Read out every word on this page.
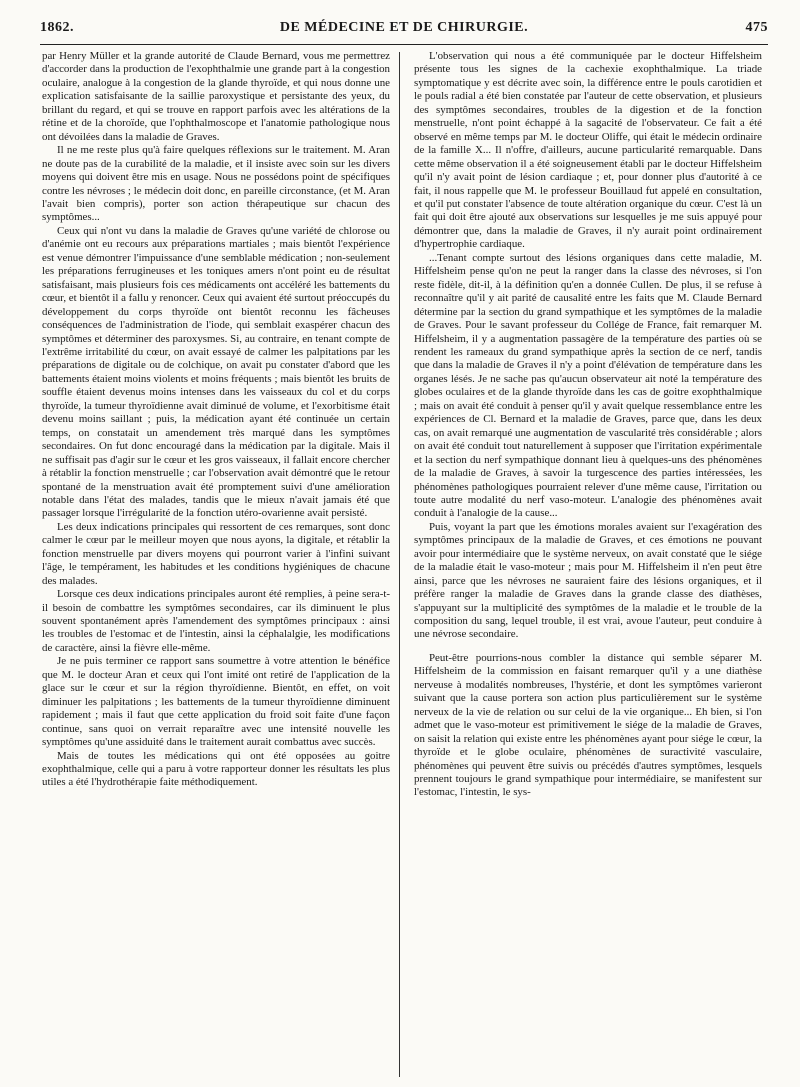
1862.	DE MÉDECINE ET DE CHIRURGIE.	475

par Henry Müller et la grande autorité de Claude Bernard, vous me permettrez d'accorder dans la production de l'exophthalmie une grande part à la congestion oculaire, analogue à la congestion de la glande thyroïde, et qui nous donne une explication satisfaisante de la saillie paroxystique et persistante des yeux, du brillant du regard, et qui se trouve en rapport parfois avec les altérations de la rétine et de la choroïde, que l'ophthalmoscope et l'anatomie pathologique nous ont dévoilées dans la maladie de Graves.

Il ne me reste plus qu'à faire quelques réflexions sur le traitement. M. Aran ne doute pas de la curabilité de la maladie, et il insiste avec soin sur les divers moyens qui doivent être mis en usage. Nous ne possédons point de spécifiques contre les névroses ; le médecin doit donc, en pareille circonstance, (et M. Aran l'avait bien compris), porter son action thérapeutique sur chacun des symptômes...

Ceux qui n'ont vu dans la maladie de Graves qu'une variété de chlorose ou d'anémie ont eu recours aux préparations martiales ; mais bientôt l'expérience est venue démontrer l'impuissance d'une semblable médication ; non-seulement les préparations ferrugineuses et les toniques amers n'ont point eu de résultat satisfaisant, mais plusieurs fois ces médicaments ont accéléré les battements du cœur, et bientôt il a fallu y renoncer. Ceux qui avaient été surtout préoccupés du développement du corps thyroïde ont bientôt reconnu les fâcheuses conséquences de l'administration de l'iode, qui semblait exaspérer chacun des symptômes et déterminer des paroxysmes. Si, au contraire, en tenant compte de l'extrême irritabilité du cœur, on avait essayé de calmer les palpitations par les préparations de digitale ou de colchique, on avait pu constater d'abord que les battements étaient moins violents et moins fréquents ; mais bientôt les bruits de souffle étaient devenus moins intenses dans les vaisseaux du col et du corps thyroïde, la tumeur thyroïdienne avait diminué de volume, et l'exorbitisme était devenu moins saillant ; puis, la médication ayant été continuée un certain temps, on constatait un amendement très marqué dans les symptômes secondaires. On fut donc encouragé dans la médication par la digitale. Mais il ne suffisait pas d'agir sur le cœur et les gros vaisseaux, il fallait encore chercher à rétablir la fonction menstruelle ; car l'observation avait démontré que le retour spontané de la menstruation avait été promptement suivi d'une amélioration notable dans l'état des malades, tandis que le mieux n'avait jamais été que passager lorsque l'irrégularité de la fonction utéro-ovarienne avait persisté.

Les deux indications principales qui ressortent de ces remarques, sont donc calmer le cœur par le meilleur moyen que nous ayons, la digitale, et rétablir la fonction menstruelle par divers moyens qui pourront varier à l'infini suivant l'âge, le tempérament, les habitudes et les conditions hygiéniques de chacune des malades.

Lorsque ces deux indications principales auront été remplies, à peine sera-t-il besoin de combattre les symptômes secondaires, car ils diminuent le plus souvent spontanément après l'amendement des symptômes principaux : ainsi les troubles de l'estomac et de l'intestin, ainsi la céphalalgie, les modifications de caractère, ainsi la fièvre elle-même.

Je ne puis terminer ce rapport sans soumettre à votre attention le bénéfice que M. le docteur Aran et ceux qui l'ont imité ont retiré de l'application de la glace sur le cœur et sur la région thyroïdienne. Bientôt, en effet, on voit diminuer les palpitations ; les battements de la tumeur thyroïdienne diminuent rapidement ; mais il faut que cette application du froid soit faite d'une façon continue, sans quoi on verrait reparaître avec une intensité nouvelle les symptômes qu'une assiduité dans le traitement aurait combattus avec succès.

Mais de toutes les médications qui ont été opposées au goitre exophthalmique, celle qui a paru à votre rapporteur donner les résultats les plus utiles a été l'hydrothérapie faite méthodiquement.

L'observation qui nous a été communiquée par le docteur Hiffelsheim présente tous les signes de la cachexie exophthalmique. La triade symptomatique y est décrite avec soin, la différence entre le pouls carotidien et le pouls radial a été bien constatée par l'auteur de cette observation, et plusieurs des symptômes secondaires, troubles de la digestion et de la fonction menstruelle, n'ont point échappé à la sagacité de l'observateur. Ce fait a été observé en même temps par M. le docteur Oliffe, qui était le médecin ordinaire de la famille X... Il n'offre, d'ailleurs, aucune particularité remarquable. Dans cette même observation il a été soigneusement établi par le docteur Hiffelsheim qu'il n'y avait point de lésion cardiaque ; et, pour donner plus d'autorité à ce fait, il nous rappelle que M. le professeur Bouillaud fut appelé en consultation, et qu'il put constater l'absence de toute altération organique du cœur. C'est là un fait qui doit être ajouté aux observations sur lesquelles je me suis appuyé pour démontrer que, dans la maladie de Graves, il n'y aurait point ordinairement d'hypertrophie cardiaque.

...Tenant compte surtout des lésions organiques dans cette maladie, M. Hiffelsheim pense qu'on ne peut la ranger dans la classe des névroses, si l'on reste fidèle, dit-il, à la définition qu'en a donnée Cullen. De plus, il se refuse à reconnaître qu'il y ait parité de causalité entre les faits que M. Claude Bernard détermine par la section du grand sympathique et les symptômes de la maladie de Graves. Pour le savant professeur du Collége de France, fait remarquer M. Hiffelsheim, il y a augmentation passagère de la température des parties où se rendent les rameaux du grand sympathique après la section de ce nerf, tandis que dans la maladie de Graves il n'y a point d'élévation de température dans les organes lésés. Je ne sache pas qu'aucun observateur ait noté la température des globes oculaires et de la glande thyroïde dans les cas de goitre exophthalmique ; mais on avait été conduit à penser qu'il y avait quelque ressemblance entre les expériences de Cl. Bernard et la maladie de Graves, parce que, dans les deux cas, on avait remarqué une augmentation de vascularité très considérable ; alors on avait été conduit tout naturellement à supposer que l'irritation expérimentale et la section du nerf sympathique donnant lieu à quelques-uns des phénomènes de la maladie de Graves, à savoir la turgescence des parties intéressées, les phénomènes pathologiques pourraient relever d'une même cause, l'irritation ou toute autre modalité du nerf vaso-moteur. L'analogie des phénomènes avait conduit à l'analogie de la cause...

Puis, voyant la part que les émotions morales avaient sur l'exagération des symptômes principaux de la maladie de Graves, et ces émotions ne pouvant avoir pour intermédiaire que le système nerveux, on avait constaté que le siége de la maladie était le vaso-moteur ; mais pour M. Hiffelsheim il n'en peut être ainsi, parce que les névroses ne sauraient faire des lésions organiques, et il préfère ranger la maladie de Graves dans la grande classe des diathèses, s'appuyant sur la multiplicité des symptômes de la maladie et le trouble de la composition du sang, lequel trouble, il est vrai, avoue l'auteur, peut conduire à une névrose secondaire.

Peut-être pourrions-nous combler la distance qui semble séparer M. Hiffelsheim de la commission en faisant remarquer qu'il y a une diathèse nerveuse à modalités nombreuses, l'hystérie, et dont les symptômes varieront suivant que la cause portera son action plus particulièrement sur le système nerveux de la vie de relation ou sur celui de la vie organique... Eh bien, si l'on admet que le vaso-moteur est primitivement le siége de la maladie de Graves, on saisit la relation qui existe entre les phénomènes ayant pour siége le cœur, la thyroïde et le globe oculaire, phénomènes de suractivité vasculaire, phénomènes qui peuvent être suivis ou précédés d'autres symptômes, lesquels prennent toujours le grand sympathique pour intermédiaire, se manifestent sur l'estomac, l'intestin, le sys-
